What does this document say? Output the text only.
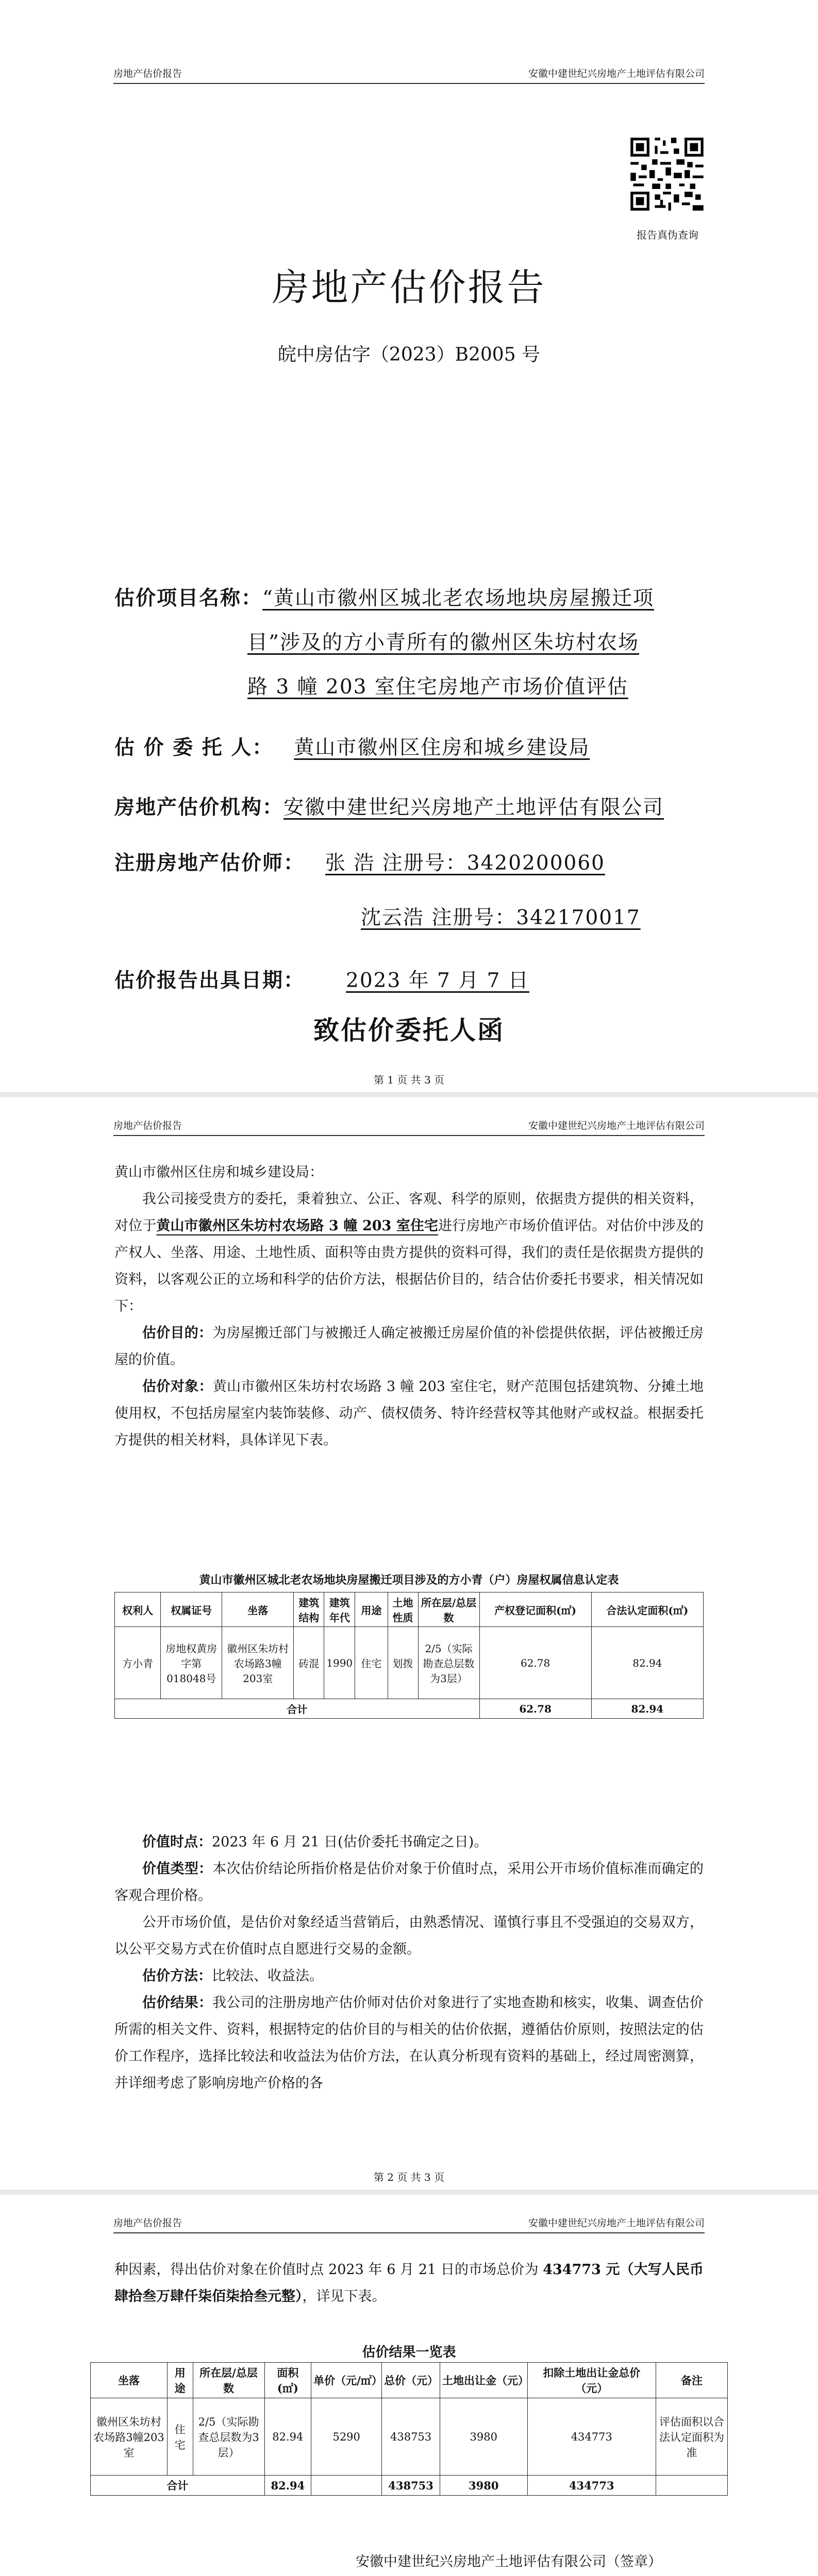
房地产估价报告	安徽中建世纪兴房地产土地评估有限公司
报告真伪查询
房地产估价报告
皖中房估字（2023）B2005 号
估价项目名称：“黄山市徽州区城北老农场地块房屋搬迁项
目”涉及的方小青所有的徽州区朱坊村农场
路 3 幢 203 室住宅房地产市场价值评估
估 价 委 托 人： 黄山市徽州区住房和城乡建设局
房地产估价机构：安徽中建世纪兴房地产土地评估有限公司
注册房地产估价师： 张 浩 注册号：3420200060
沈云浩 注册号：342170017
估价报告出具日期： 2023 年 7 月 7 日
致估价委托人函
第 1 页 共 3 页
房地产估价报告	安徽中建世纪兴房地产土地评估有限公司
黄山市徽州区住房和城乡建设局：
我公司接受贵方的委托，秉着独立、公正、客观、科学的原则，依据贵方提供的相关资料，对位于黄山市徽州区朱坊村农场路 3 幢 203 室住宅进行房地产市场价值评估。对估价中涉及的产权人、坐落、用途、土地性质、面积等由贵方提供的资料可得，我们的责任是依据贵方提供的资料，以客观公正的立场和科学的估价方法，根据估价目的，结合估价委托书要求，相关情况如下：
估价目的：为房屋搬迁部门与被搬迁人确定被搬迁房屋价值的补偿提供依据，评估被搬迁房屋的价值。
估价对象：黄山市徽州区朱坊村农场路 3 幢 203 室住宅，财产范围包括建筑物、分摊土地使用权，不包括房屋室内装饰装修、动产、债权债务、特许经营权等其他财产或权益。根据委托方提供的相关材料，具体详见下表。
黄山市徽州区城北老农场地块房屋搬迁项目涉及的方小青（户）房屋权属信息认定表
权利人	权属证号	坐落	建筑结构	建筑年代	用途	土地性质	所在层/总层数	产权登记面积(㎡)	合法认定面积(㎡)
方小青	房地权黄房字第018048号	徽州区朱坊村农场路3幢203室	砖混	1990	住宅	划拨	2/5（实际勘查总层数为3层）	62.78	82.94
合计								62.78	82.94
价值时点：2023 年 6 月 21 日(估价委托书确定之日)。
价值类型：本次估价结论所指价格是估价对象于价值时点，采用公开市场价值标准而确定的客观合理价格。
公开市场价值，是估价对象经适当营销后，由熟悉情况、谨慎行事且不受强迫的交易双方，以公平交易方式在价值时点自愿进行交易的金额。
估价方法：比较法、收益法。
估价结果：我公司的注册房地产估价师对估价对象进行了实地查勘和核实，收集、调查估价所需的相关文件、资料，根据特定的估价目的与相关的估价依据，遵循估价原则，按照法定的估价工作程序，选择比较法和收益法为估价方法，在认真分析现有资料的基础上，经过周密测算，并详细考虑了影响房地产价格的各
第 2 页 共 3 页
房地产估价报告	安徽中建世纪兴房地产土地评估有限公司
种因素，得出估价对象在价值时点 2023 年 6 月 21 日的市场总价为 434773 元（大写人民币肆拾叁万肆仟柒佰柒拾叁元整），详见下表。
估价结果一览表
坐落	用途	所在层/总层数	面积(㎡)	单价（元/㎡）	总价（元）	土地出让金（元）	扣除土地出让金总价（元）	备注
徽州区朱坊村农场路3幢203室	住宅	2/5（实际勘查总层数为3层）	82.94	5290	438753	3980	434773	评估面积以合法认定面积为准
合计			82.94		438753	3980	434773	
安徽中建世纪兴房地产土地评估有限公司（签章）
